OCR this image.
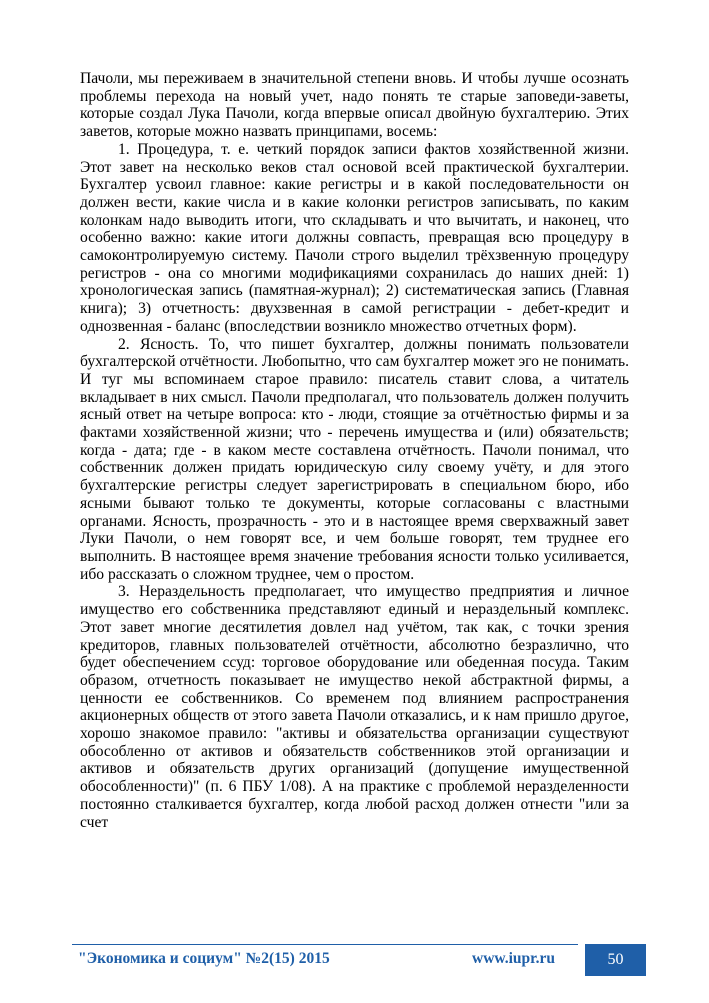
Пачоли, мы переживаем в значительной степени вновь. И чтобы лучше осознать проблемы перехода на новый учет, надо понять те старые заповеди-заветы, которые создал Лука Пачоли, когда впервые описал двойную бухгалтерию. Этих заветов, которые можно назвать принципами, восемь:

1. Процедура, т. е. четкий порядок записи фактов хозяйственной жизни. Этот завет на несколько веков стал основой всей практической бухгалтерии. Бухгалтер усвоил главное: какие регистры и в какой последовательности он должен вести, какие числа и в какие колонки регистров записывать, по каким колонкам надо выводить итоги, что складывать и что вычитать, и наконец, что особенно важно: какие итоги должны совпасть, превращая всю процедуру в самоконтролируемую систему. Пачоли строго выделил трёхзвенную процедуру регистров - она со многими модификациями сохранилась до наших дней: 1) хронологическая запись (памятная-журнал); 2) систематическая запись (Главная книга); 3) отчетность: двухзвенная в самой регистрации - дебет-кредит и однозвенная - баланс (впоследствии возникло множество отчетных форм).

2. Ясность. То, что пишет бухгалтер, должны понимать пользователи бухгалтерской отчётности. Любопытно, что сам бухгалтер может эго не понимать. И туг мы вспоминаем старое правило: писатель ставит слова, а читатель вкладывает в них смысл. Пачоли предполагал, что пользователь должен получить ясный ответ на четыре вопроса: кто - люди, стоящие за отчётностью фирмы и за фактами хозяйственной жизни; что - перечень имущества и (или) обязательств; когда - дата; где - в каком месте составлена отчётность. Пачоли понимал, что собственник должен придать юридическую силу своему учёту, и для этого бухгалтерские регистры следует зарегистрировать в специальном бюро, ибо ясными бывают только те документы, которые согласованы с властными органами. Ясность, прозрачность - это и в настоящее время сверхважный завет Луки Пачоли, о нем говорят все, и чем больше говорят, тем труднее его выполнить. В настоящее время значение требования ясности только усиливается, ибо рассказать о сложном труднее, чем о простом.

3. Нераздельность предполагает, что имущество предприятия и личное имущество его собственника представляют единый и нераздельный комплекс. Этот завет многие десятилетия довлел над учётом, так как, с точки зрения кредиторов, главных пользователей отчётности, абсолютно безразлично, что будет обеспечением ссуд: торговое оборудование или обеденная посуда. Таким образом, отчетность показывает не имущество некой абстрактной фирмы, а ценности ее собственников. Со временем под влиянием распространения акционерных обществ от этого завета Пачоли отказались, и к нам пришло другое, хорошо знакомое правило: "активы и обязательства организации существуют обособленно от активов и обязательств собственников этой организации и активов и обязательств других организаций (допущение имущественной обособленности)" (п. 6 ПБУ 1/08). А на практике с проблемой неразделенности постоянно сталкивается бухгалтер, когда любой расход должен отнести "или за счет

"Экономика и социум" №2(15) 2015	www.iupr.ru	50
